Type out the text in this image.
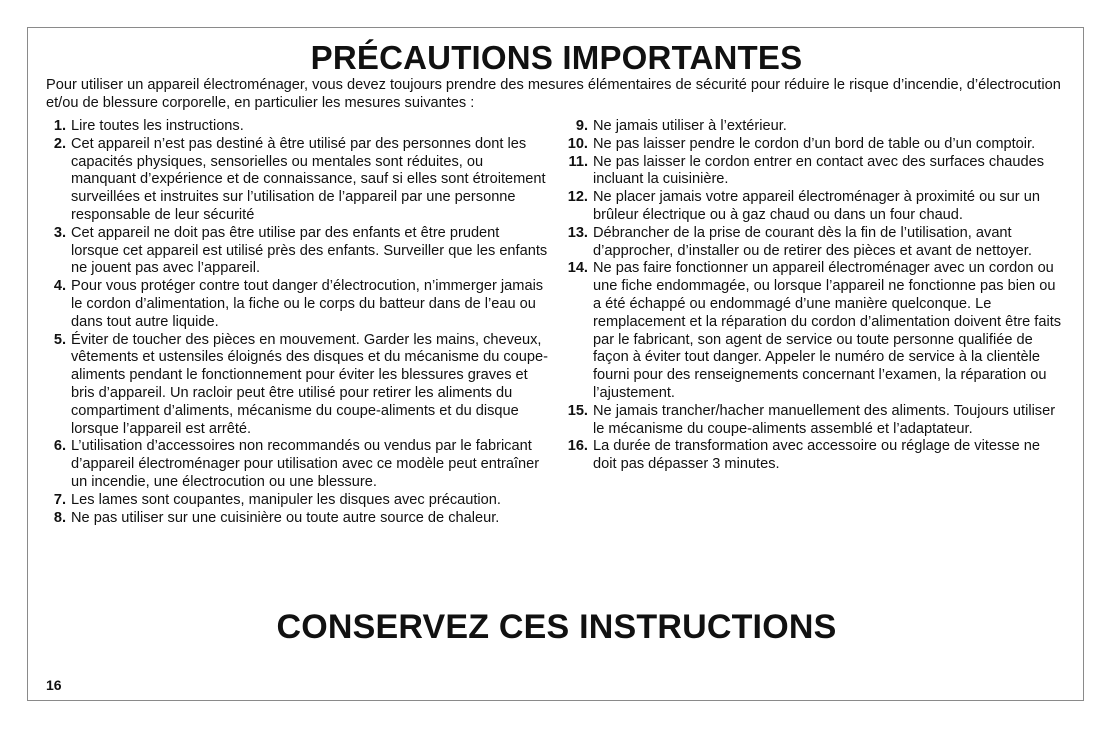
PRÉCAUTIONS IMPORTANTES

Pour utiliser un appareil électroménager, vous devez toujours prendre des mesures élémentaires de sécurité pour réduire le risque d’incendie, d’électrocution et/ou de blessure corporelle, en particulier les mesures suivantes :

1. Lire toutes les instructions.
2. Cet appareil n’est pas destiné à être utilisé par des personnes dont les capacités physiques, sensorielles ou mentales sont réduites, ou manquant d’expérience et de connaissance, sauf si elles sont étroitement surveillées et instruites sur l’utilisation de l’appareil par une personne responsable de leur sécurité
3. Cet appareil ne doit pas être utilise par des enfants et être prudent lorsque cet appareil est utilisé près des enfants. Surveiller que les enfants ne jouent pas avec l’appareil.
4. Pour vous protéger contre tout danger d’électrocution, n’immerger jamais le cordon d’alimentation, la fiche ou le corps du batteur dans de l’eau ou dans tout autre liquide.
5. Éviter de toucher des pièces en mouvement. Garder les mains, cheveux, vêtements et ustensiles éloignés des disques et du mécanisme du coupe-aliments pendant le fonctionnement pour éviter les blessures graves et bris d’appareil. Un racloir peut être utilisé pour retirer les aliments du compartiment d’aliments, mécanisme du coupe-aliments et du disque lorsque l’appareil est arrêté.
6. L’utilisation d’accessoires non recommandés ou vendus par le fabricant d’appareil électroménager pour utilisation avec ce modèle peut entraîner un incendie, une électrocution ou une blessure.
7. Les lames sont coupantes, manipuler les disques avec précaution.
8. Ne pas utiliser sur une cuisinière ou toute autre source de chaleur.
9. Ne jamais utiliser à l’extérieur.
10. Ne pas laisser pendre le cordon d’un bord de table ou d’un comptoir.
11. Ne pas laisser le cordon entrer en contact avec des surfaces chaudes incluant la cuisinière.
12. Ne placer jamais votre appareil électroménager à proximité ou sur un brûleur électrique ou à gaz chaud ou dans un four chaud.
13. Débrancher de la prise de courant dès la fin de l’utilisation, avant d’approcher, d’installer ou de retirer des pièces et avant de nettoyer.
14. Ne pas faire fonctionner un appareil électroménager avec un cordon ou une fiche endommagée, ou lorsque l’appareil ne fonctionne pas bien ou a été échappé ou endommagé d’une manière quelconque. Le remplacement et la réparation du cordon d’alimentation doivent être faits par le fabricant, son agent de service ou toute personne qualifiée de façon à éviter tout danger. Appeler le numéro de service à la clientèle fourni pour des renseignements concernant l’examen, la réparation ou l’ajustement.
15. Ne jamais trancher/hacher manuellement des aliments. Toujours utiliser le mécanisme du coupe-aliments assemblé et l’adaptateur.
16. La durée de transformation avec accessoire ou réglage de vitesse ne doit pas dépasser 3 minutes.
CONSERVEZ CES INSTRUCTIONS
16
